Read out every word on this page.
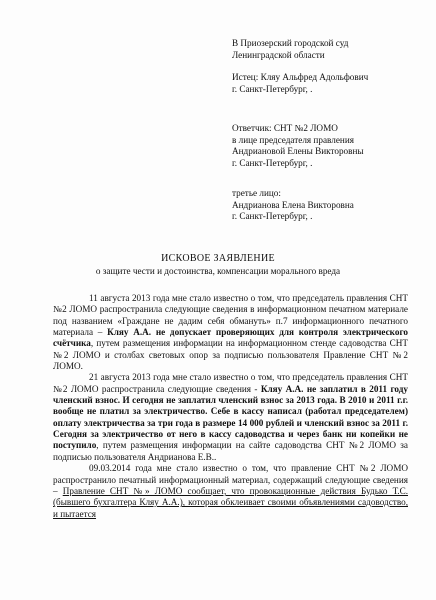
В Приозерский городской суд
Ленинградской области
Истец: Кляу Альфред Адольфович
г. Санкт-Петербург, .
Ответчик: СНТ №2 ЛОМО
в лице председателя правления
Андриановой Елены Викторовны
г. Санкт-Петербург, .
третье лицо:
Андрианова Елена Викторовна
г. Санкт-Петербург, .
ИСКОВОЕ ЗАЯВЛЕНИЕ
о защите чести и достоинства, компенсации морального вреда

11 августа 2013 года мне стало известно о том, что председатель правления СНТ №2 ЛОМО распространила следующие сведения в информационном печатном материале под названием «Граждане не дадим себя обмануть» п.7 информационного печатного материала – Кляу А.А. не допускает проверяющих для контроля электрического счётчика, путем размещения информации на информационном стенде садоводства СНТ №2 ЛОМО и столбах световых опор за подписью пользователя Правление СНТ №2 ЛОМО.

21 августа 2013 года мне стало известно о том, что председатель правления СНТ №2 ЛОМО распространила следующие сведения - Кляу А.А. не заплатил в 2011 году членский взнос. И сегодня не заплатил членский взнос за 2013 года. В 2010 и 2011 г.г. вообще не платил за электричество. Себе в кассу написал (работал председателем) оплату электричества за три года в размере 14 000 рублей и членский взнос за 2011 г. Сегодня за электричество от него в кассу садоводства и через банк ни копейки не поступило, путем размещения информации на сайте садоводства СНТ №2 ЛОМО за подписью пользователя Андрианова Е.В..

09.03.2014 года мне стало известно о том, что правление СНТ №2 ЛОМО распространило печатный информационный материал, содержащий следующие сведения – Правление СНТ №» ЛОМО сообщает, что провокационные действия Будько Т.С. (бывшего бухгалтера Кляу А.А.), которая обклеивает своими объявлениями садоводство, и пытается
